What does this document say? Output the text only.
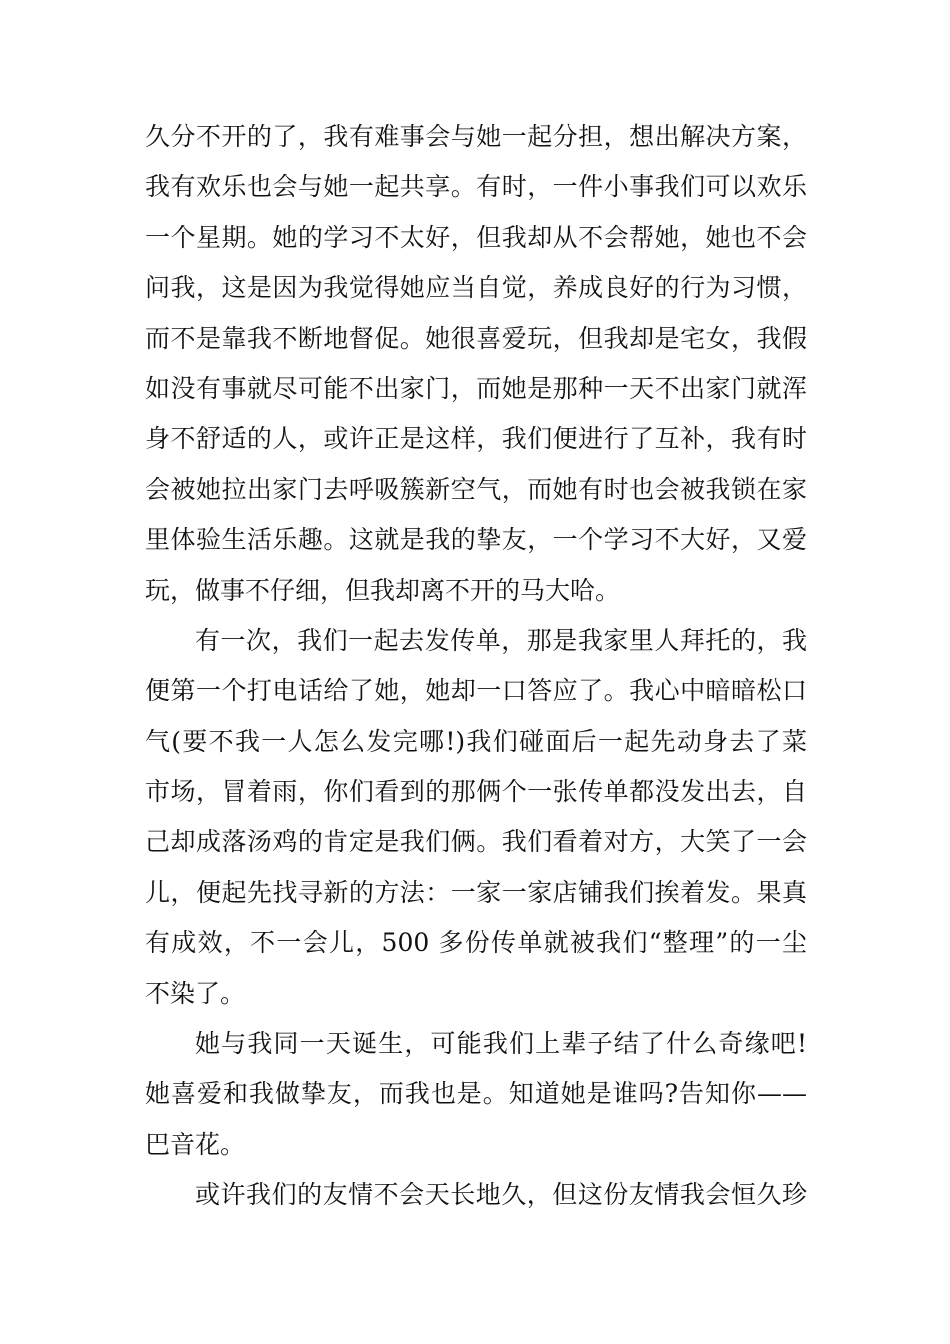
久分不开的了，我有难事会与她一起分担，想出解决方案，
我有欢乐也会与她一起共享。有时，一件小事我们可以欢乐
一个星期。她的学习不太好，但我却从不会帮她，她也不会
问我，这是因为我觉得她应当自觉，养成良好的行为习惯，
而不是靠我不断地督促。她很喜爱玩，但我却是宅女，我假
如没有事就尽可能不出家门，而她是那种一天不出家门就浑
身不舒适的人，或许正是这样，我们便进行了互补，我有时
会被她拉出家门去呼吸簇新空气，而她有时也会被我锁在家
里体验生活乐趣。这就是我的挚友，一个学习不大好，又爱
玩，做事不仔细，但我却离不开的马大哈。
有一次，我们一起去发传单，那是我家里人拜托的，我
便第一个打电话给了她，她却一口答应了。我心中暗暗松口
气(要不我一人怎么发完哪!)我们碰面后一起先动身去了菜
市场，冒着雨，你们看到的那俩个一张传单都没发出去，自
己却成落汤鸡的肯定是我们俩。我们看着对方，大笑了一会
儿，便起先找寻新的方法：一家一家店铺我们挨着发。果真
有成效，不一会儿，500 多份传单就被我们“整理”的一尘
不染了。
她与我同一天诞生，可能我们上辈子结了什么奇缘吧!
她喜爱和我做挚友，而我也是。知道她是谁吗?告知你——
巴音花。
或许我们的友情不会天长地久，但这份友情我会恒久珍
